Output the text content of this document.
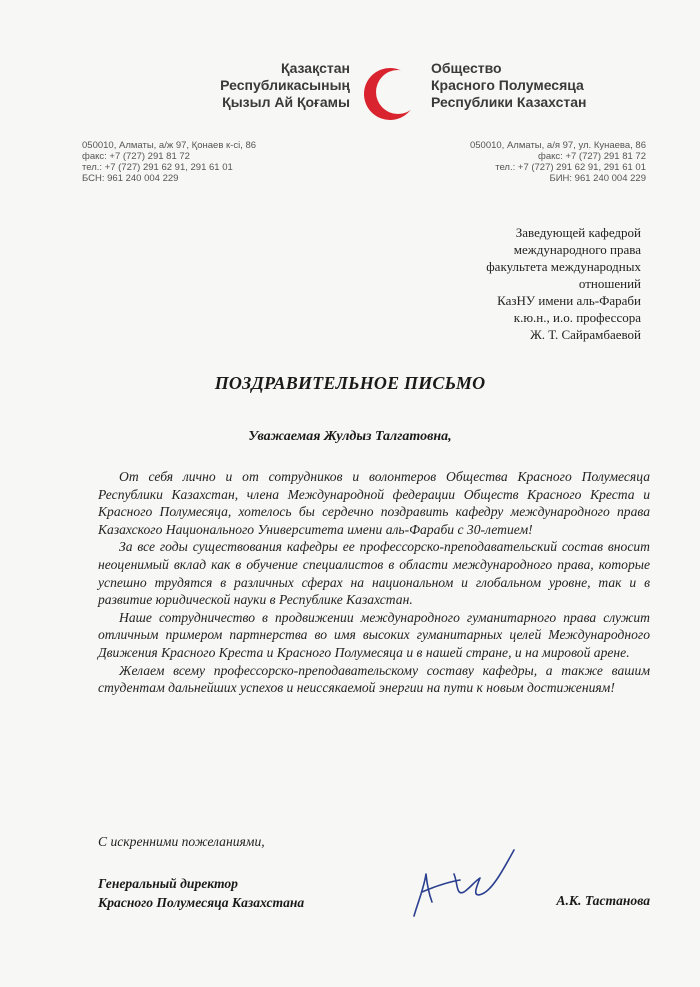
Қазақстан
Республикасының
Қызыл Ай Қоғамы
Общество
Красного Полумесяца
Республики Казахстан
050010, Алматы, а/ж 97, Қонаев к-сі, 86
факс: +7 (727) 291 81 72
тел.: +7 (727) 291 62 91, 291 61 01
БСН: 961 240 004 229
050010, Алматы, а/я 97, ул. Кунаева, 86
факс: +7 (727) 291 81 72
тел.: +7 (727) 291 62 91, 291 61 01
БИН: 961 240 004 229
Заведующей кафедрой
международного права
факультета международных
отношений
КазНУ имени аль-Фараби
к.ю.н., и.о. профессора
Ж. Т. Сайрамбаевой
ПОЗДРАВИТЕЛЬНОЕ ПИСЬМО
Уважаемая Жулдыз Талгатовна,

От себя лично и от сотрудников и волонтеров Общества Красного Полумесяца Республики Казахстан, члена Международной федерации Обществ Красного Креста и Красного Полумесяца, хотелось бы сердечно поздравить кафедру международного права Казахского Национального Университета имени аль-Фараби с 30-летием!

За все годы существования кафедры ее профессорско-преподавательский состав вносит неоценимый вклад как в обучение специалистов в области международного права, которые успешно трудятся в различных сферах на национальном и глобальном уровне, так и в развитие юридической науки в Республике Казахстан.

Наше сотрудничество в продвижении международного гуманитарного права служит отличным примером партнерства во имя высоких гуманитарных целей Международного Движения Красного Креста и Красного Полумесяца и в нашей стране, и на мировой арене.

Желаем всему профессорско-преподавательскому составу кафедры, а также вашим студентам дальнейших успехов и неиссякаемой энергии на пути к новым достижениям!

С искренними пожеланиями,
Генеральный директор
Красного Полумесяца Казахстана	А.К. Тастанова
